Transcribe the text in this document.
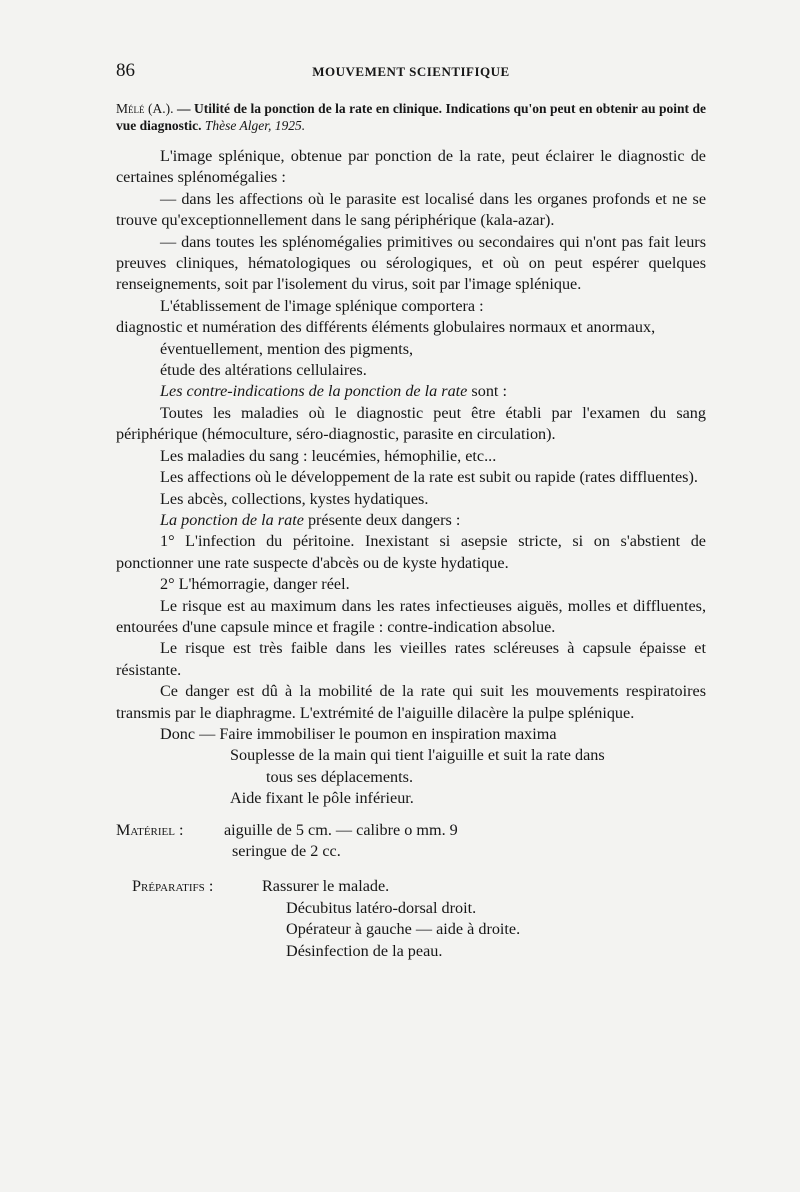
86	MOUVEMENT SCIENTIFIQUE
Mélé (A.). — Utilité de la ponction de la rate en clinique. Indications qu'on peut en obtenir au point de vue diagnostic. Thèse Alger, 1925.

L'image splénique, obtenue par ponction de la rate, peut éclairer le diagnostic de certaines splénomégalies :

— dans les affections où le parasite est localisé dans les organes profonds et ne se trouve qu'exceptionnellement dans le sang périphérique (kala-azar).

— dans toutes les splénomégalies primitives ou secondaires qui n'ont pas fait leurs preuves cliniques, hématologiques ou sérologiques, et où on peut espérer quelques renseignements, soit par l'isolement du virus, soit par l'image splénique.

L'établissement de l'image splénique comportera :

diagnostic et numération des différents éléments globulaires normaux et anormaux,

éventuellement, mention des pigments,

étude des altérations cellulaires.

Les contre-indications de la ponction de la rate sont :

Toutes les maladies où le diagnostic peut être établi par l'examen du sang périphérique (hémoculture, séro-diagnostic, parasite en circulation).

Les maladies du sang : leucémies, hémophilie, etc...

Les affections où le développement de la rate est subit ou rapide (rates diffluentes).

Les abcès, collections, kystes hydatiques.

La ponction de la rate présente deux dangers :

1° L'infection du péritoine. Inexistant si asepsie stricte, si on s'abstient de ponctionner une rate suspecte d'abcès ou de kyste hydatique.

2° L'hémorragie, danger réel.

Le risque est au maximum dans les rates infectieuses aiguës, molles et diffluentes, entourées d'une capsule mince et fragile : contre-indication absolue.

Le risque est très faible dans les vieilles rates scléreuses à capsule épaisse et résistante.

Ce danger est dû à la mobilité de la rate qui suit les mouvements respiratoires transmis par le diaphragme. L'extrémité de l'aiguille dilacère la pulpe splénique.

Donc — Faire immobiliser le poumon en inspiration maxima

Souplesse de la main qui tient l'aiguille et suit la rate dans
tous ses déplacements.
Aide fixant le pôle inférieur.
Matériel :	aiguille de 5 cm. — calibre o mm. 9
seringue de 2 cc.
Préparatifs :	Rassurer le malade.
Décubitus latéro-dorsal droit.
Opérateur à gauche — aide à droite.
Désinfection de la peau.
